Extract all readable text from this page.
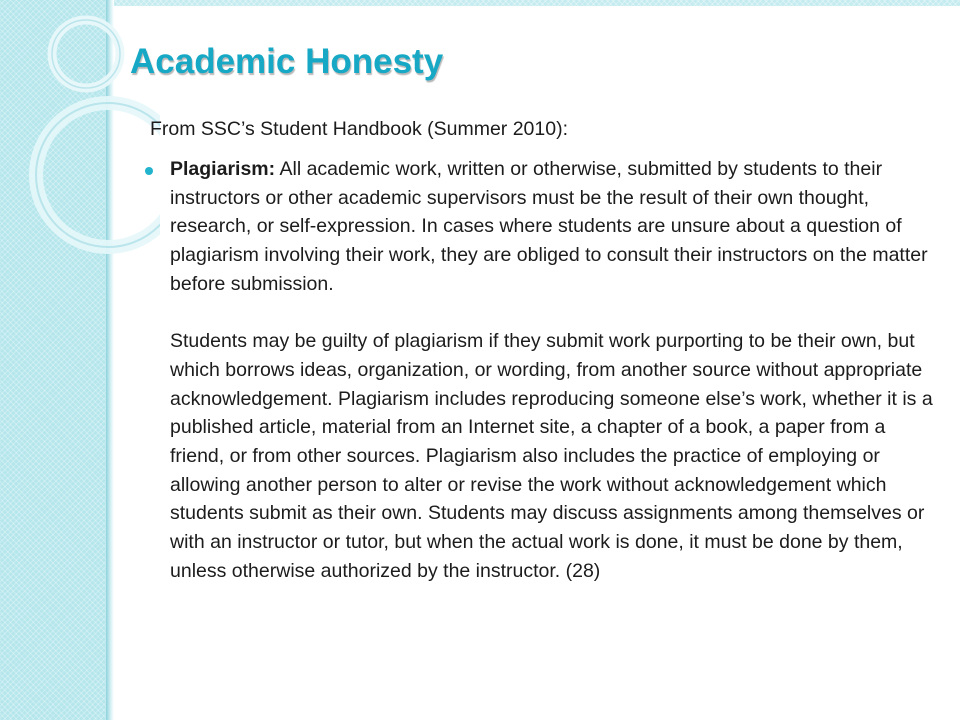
Academic Honesty

From SSC’s Student Handbook (Summer 2010):

Plagiarism: All academic work, written or otherwise, submitted by students to their instructors or other academic supervisors must be the result of their own thought, research, or self-expression. In cases where students are unsure about a question of plagiarism involving their work, they are obliged to consult their instructors on the matter before submission.

Students may be guilty of plagiarism if they submit work purporting to be their own, but which borrows ideas, organization, or wording, from another source without appropriate acknowledgement. Plagiarism includes reproducing someone else’s work, whether it is a published article, material from an Internet site, a chapter of a book, a paper from a friend, or from other sources. Plagiarism also includes the practice of employing or allowing another person to alter or revise the work without acknowledgement which students submit as their own. Students may discuss assignments among themselves or with an instructor or tutor, but when the actual work is done, it must be done by them, unless otherwise authorized by the instructor. (28)
